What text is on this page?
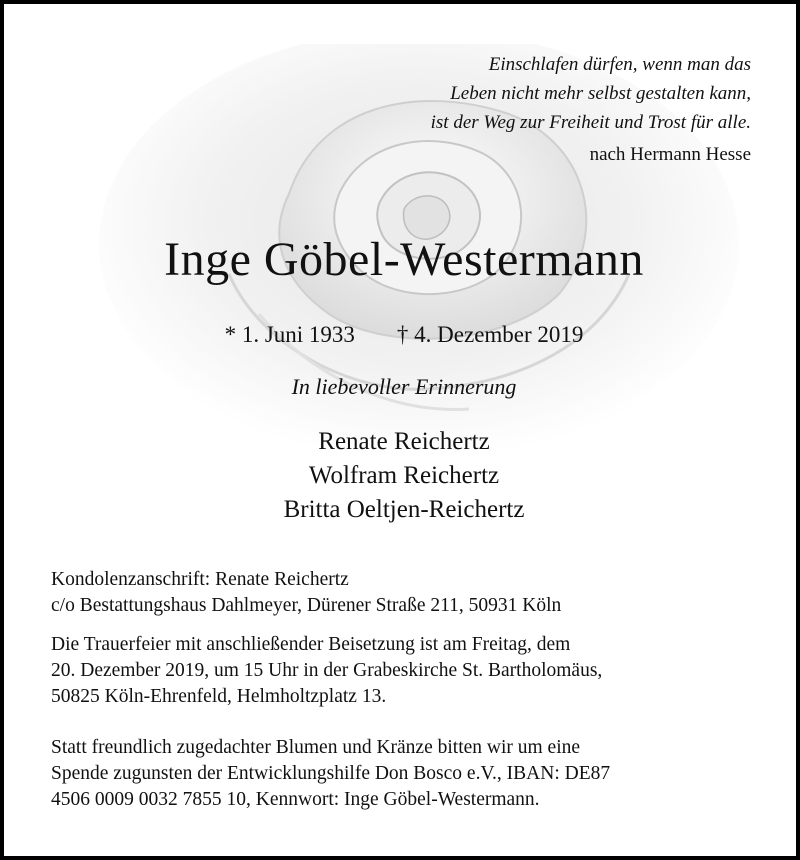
Einschlafen dürfen, wenn man das
Leben nicht mehr selbst gestalten kann,
ist der Weg zur Freiheit und Trost für alle.
nach Hermann Hesse
Inge Göbel-Westermann
* 1. Juni 1933 † 4. Dezember 2019
In liebevoller Erinnerung
Renate Reichertz
Wolfram Reichertz
Britta Oeltjen-Reichertz
Kondolenzanschrift: Renate Reichertz
c/o Bestattungshaus Dahlmeyer, Dürener Straße 211, 50931 Köln
Die Trauerfeier mit anschließender Beisetzung ist am Freitag, dem
20. Dezember 2019, um 15 Uhr in der Grabeskirche St. Bartholomäus,
50825 Köln-Ehrenfeld, Helmholtzplatz 13.
Statt freundlich zugedachter Blumen und Kränze bitten wir um eine
Spende zugunsten der Entwicklungshilfe Don Bosco e.V., IBAN: DE87
4506 0009 0032 7855 10, Kennwort: Inge Göbel-Westermann.
